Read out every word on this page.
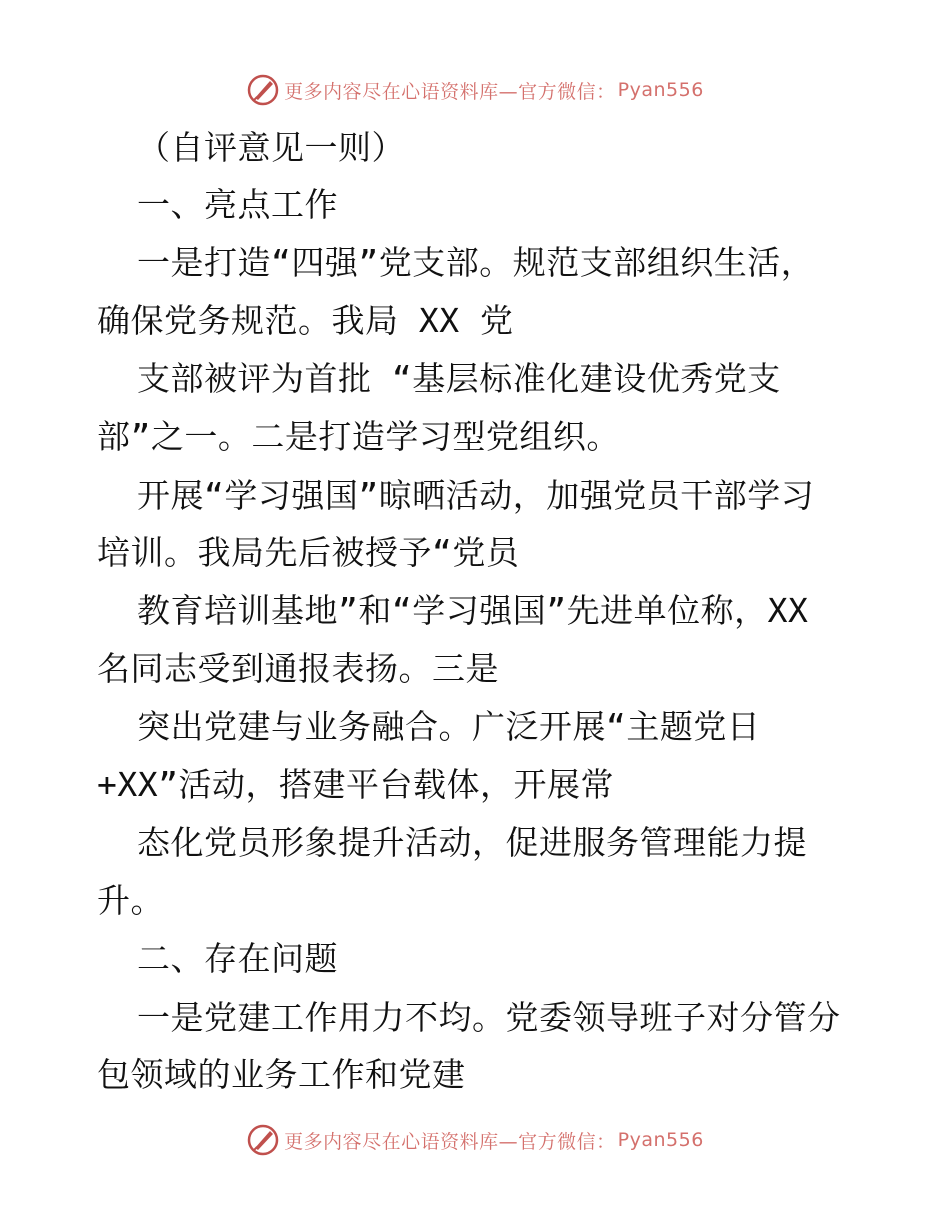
更多内容尽在心语资料库—官方微信： Pyan556
（自评意见一则）
一、亮点工作
一是打造“四强”党支部。规范支部组织生活，
确保党务规范。我局 XX 党
支部被评为首批 “基层标准化建设优秀党支
部”之一。二是打造学习型党组织。
开展“学习强国”晾晒活动，加强党员干部学习
培训。我局先后被授予“党员
教育培训基地”和“学习强国”先进单位称，XX
名同志受到通报表扬。三是
突出党建与业务融合。广泛开展“主题党日
+XX”活动，搭建平台载体，开展常
态化党员形象提升活动，促进服务管理能力提
升。
二、存在问题
一是党建工作用力不均。党委领导班子对分管分
包领域的业务工作和党建
更多内容尽在心语资料库—官方微信： Pyan556
